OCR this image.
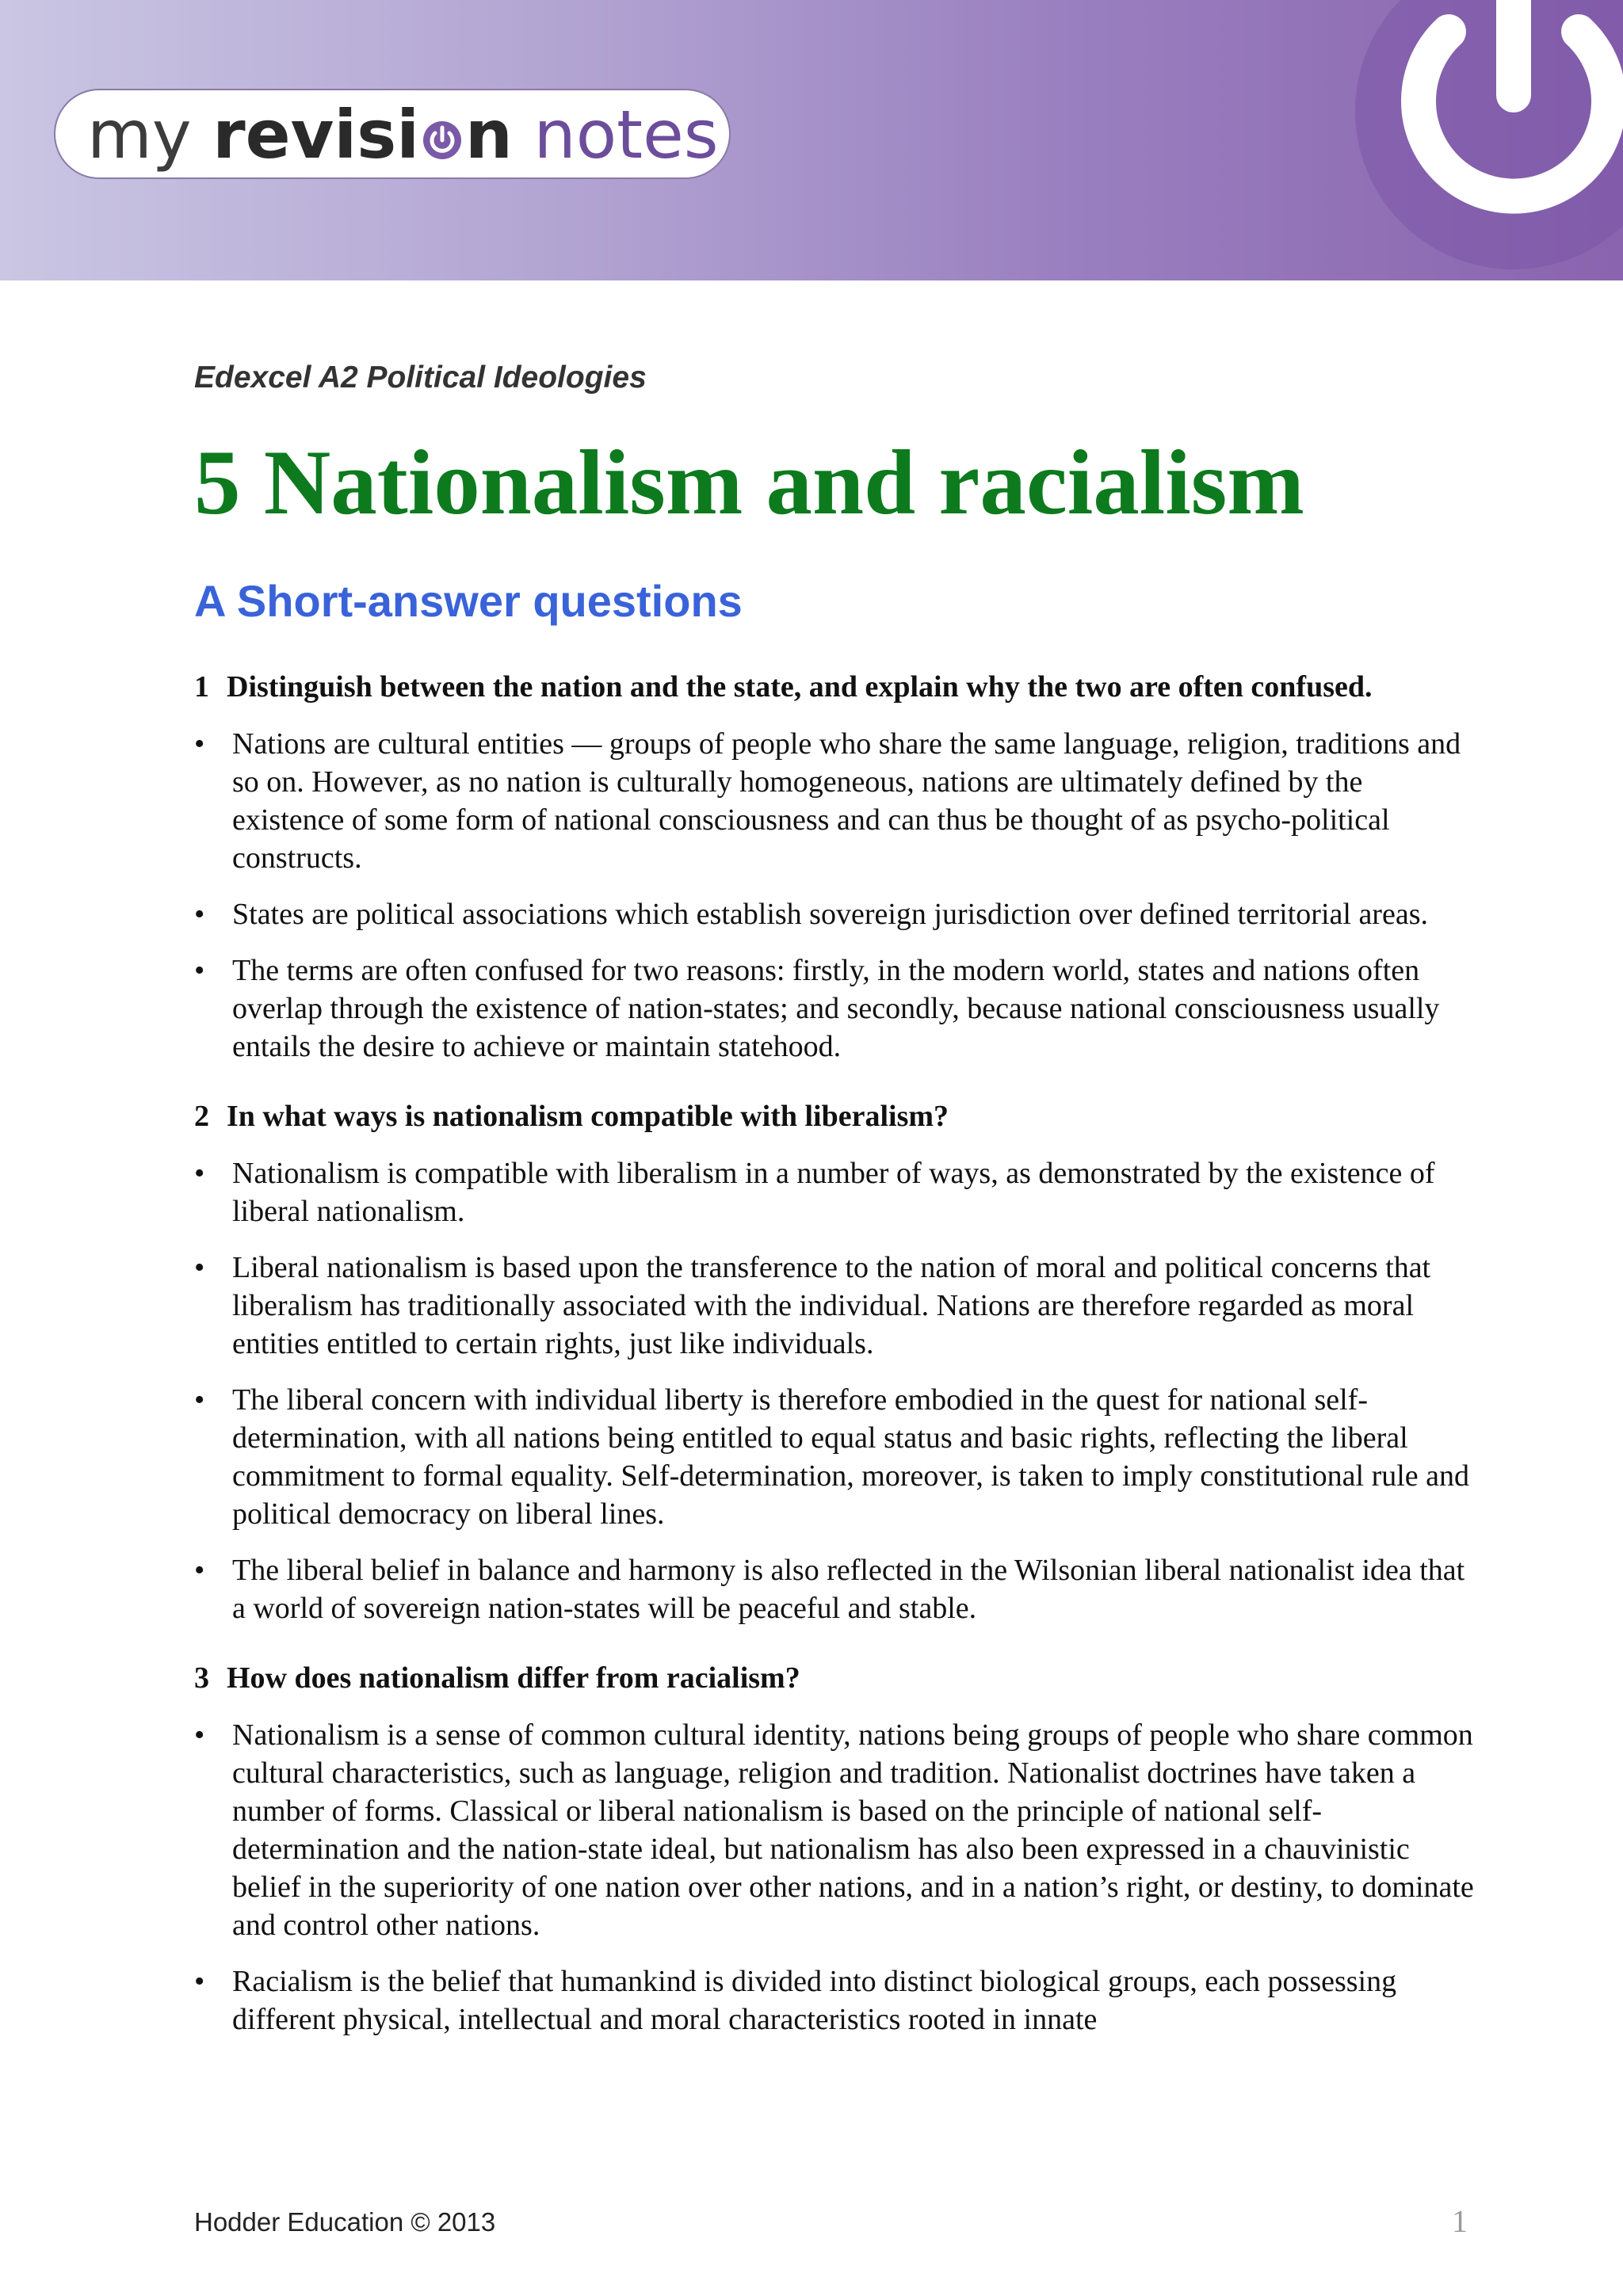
my revisi n notes
Edexcel A2 Political Ideologies
5 Nationalism and racialism
A Short-answer questions
1 Distinguish between the nation and the state, and explain why the two are often confused.
• Nations are cultural entities — groups of people who share the same language, religion, traditions and so on. However, as no nation is culturally homogeneous, nations are ultimately defined by the existence of some form of national consciousness and can thus be thought of as psycho-political constructs.
• States are political associations which establish sovereign jurisdiction over defined territorial areas.
• The terms are often confused for two reasons: firstly, in the modern world, states and nations often overlap through the existence of nation-states; and secondly, because national consciousness usually entails the desire to achieve or maintain statehood.
2 In what ways is nationalism compatible with liberalism?
• Nationalism is compatible with liberalism in a number of ways, as demonstrated by the existence of liberal nationalism.
• Liberal nationalism is based upon the transference to the nation of moral and political concerns that liberalism has traditionally associated with the individual. Nations are therefore regarded as moral entities entitled to certain rights, just like individuals.
• The liberal concern with individual liberty is therefore embodied in the quest for national self-determination, with all nations being entitled to equal status and basic rights, reflecting the liberal commitment to formal equality. Self-determination, moreover, is taken to imply constitutional rule and political democracy on liberal lines.
• The liberal belief in balance and harmony is also reflected in the Wilsonian liberal nationalist idea that a world of sovereign nation-states will be peaceful and stable.
3 How does nationalism differ from racialism?
• Nationalism is a sense of common cultural identity, nations being groups of people who share common cultural characteristics, such as language, religion and tradition. Nationalist doctrines have taken a number of forms. Classical or liberal nationalism is based on the principle of national self-determination and the nation-state ideal, but nationalism has also been expressed in a chauvinistic belief in the superiority of one nation over other nations, and in a nation’s right, or destiny, to dominate and control other nations.
• Racialism is the belief that humankind is divided into distinct biological groups, each possessing different physical, intellectual and moral characteristics rooted in innate
Hodder Education © 2013	1
